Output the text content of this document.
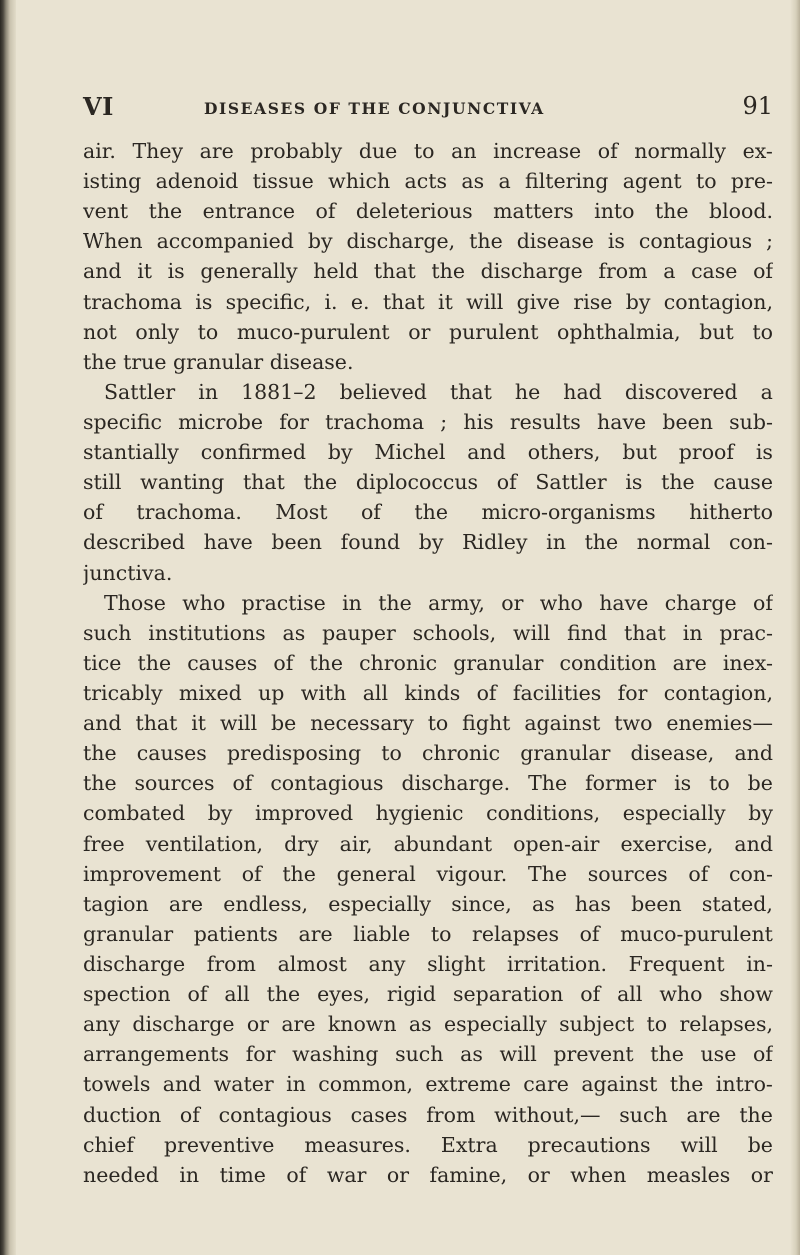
VI	DISEASES OF THE CONJUNCTIVA	91
air. They are probably due to an increase of normally ex-
isting adenoid tissue which acts as a filtering agent to pre-
vent the entrance of deleterious matters into the blood.
When accompanied by discharge, the disease is contagious ;
and it is generally held that the discharge from a case of
trachoma is specific, i. e. that it will give rise by contagion,
not only to muco-purulent or purulent ophthalmia, but to
the true granular disease.
Sattler in 1881–2 believed that he had discovered a
specific microbe for trachoma ; his results have been sub-
stantially confirmed by Michel and others, but proof is
still wanting that the diplococcus of Sattler is the cause
of trachoma. Most of the micro-organisms hitherto
described have been found by Ridley in the normal con-
junctiva.
Those who practise in the army, or who have charge of
such institutions as pauper schools, will find that in prac-
tice the causes of the chronic granular condition are inex-
tricably mixed up with all kinds of facilities for contagion,
and that it will be necessary to fight against two enemies—
the causes predisposing to chronic granular disease, and
the sources of contagious discharge. The former is to be
combated by improved hygienic conditions, especially by
free ventilation, dry air, abundant open-air exercise, and
improvement of the general vigour. The sources of con-
tagion are endless, especially since, as has been stated,
granular patients are liable to relapses of muco-purulent
discharge from almost any slight irritation. Frequent in-
spection of all the eyes, rigid separation of all who show
any discharge or are known as especially subject to relapses,
arrangements for washing such as will prevent the use of
towels and water in common, extreme care against the intro-
duction of contagious cases from without,— such are the
chief preventive measures. Extra precautions will be
needed in time of war or famine, or when measles or
